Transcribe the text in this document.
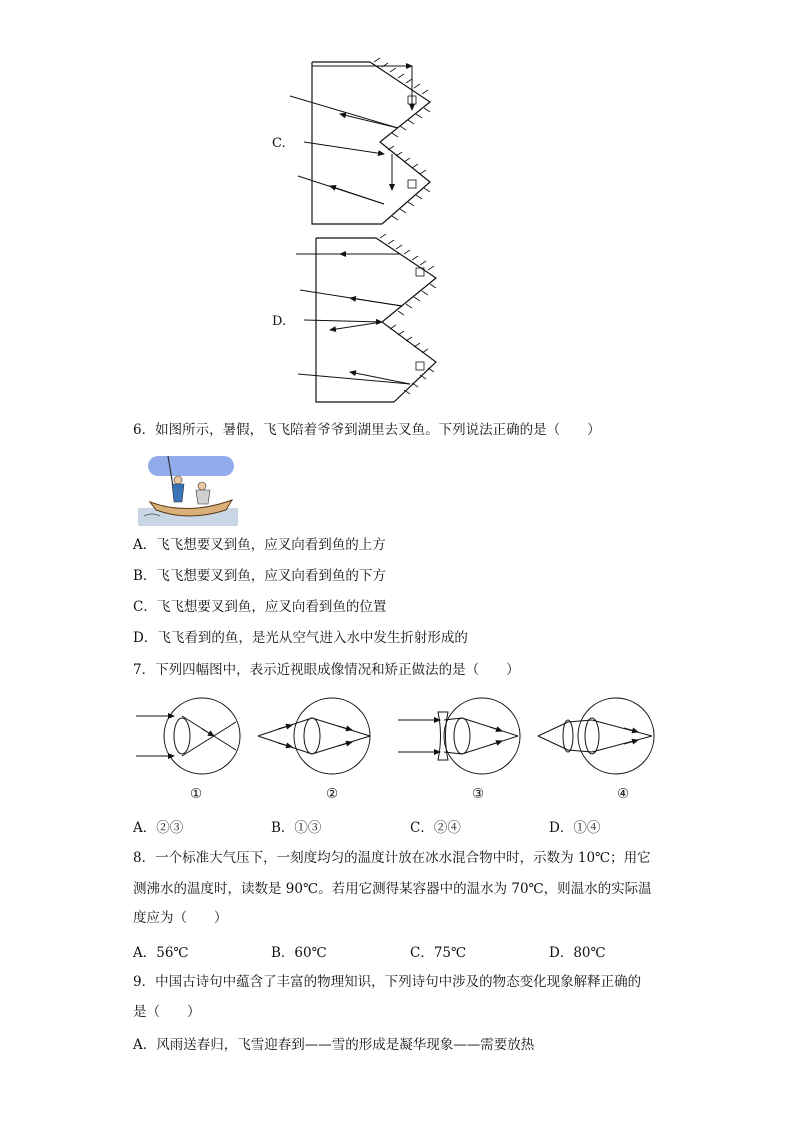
C.
D.
6．如图所示，暑假，飞飞陪着爷爷到湖里去叉鱼。下列说法正确的是（　　）
A．飞飞想要叉到鱼，应叉向看到鱼的上方
B．飞飞想要叉到鱼，应叉向看到鱼的下方
C．飞飞想要叉到鱼，应叉向看到鱼的位置
D．飞飞看到的鱼，是光从空气进入水中发生折射形成的
7．下列四幅图中，表示近视眼成像情况和矫正做法的是（　　）
①	②	③	④
A．②③	B．①③	C．②④	D．①④
8．一个标准大气压下，一刻度均匀的温度计放在冰水混合物中时，示数为 10℃；用它
测沸水的温度时，读数是 90℃。若用它测得某容器中的温水为 70℃，则温水的实际温
度应为（　　）
A．56℃	B．60℃	C．75℃	D．80℃
9．中国古诗句中蕴含了丰富的物理知识，下列诗句中涉及的物态变化现象解释正确的
是（　　）
A．风雨送春归，飞雪迎春到——雪的形成是凝华现象——需要放热
